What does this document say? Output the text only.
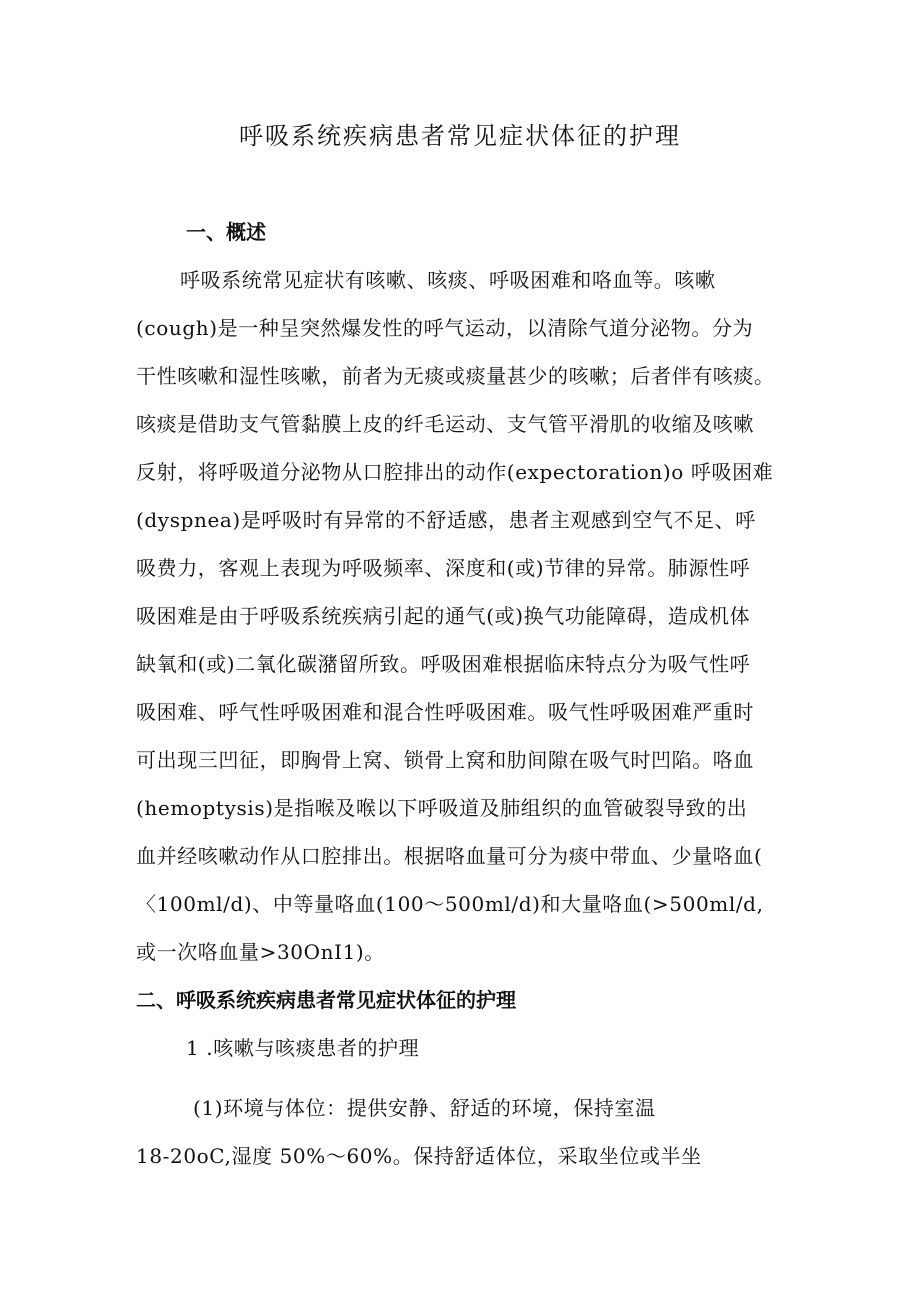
呼吸系统疾病患者常见症状体征的护理
一、概述
呼吸系统常见症状有咳嗽、咳痰、呼吸困难和咯血等。咳嗽
(cough)是一种呈突然爆发性的呼气运动，以清除气道分泌物。分为
干性咳嗽和湿性咳嗽，前者为无痰或痰量甚少的咳嗽；后者伴有咳痰。
咳痰是借助支气管黏膜上皮的纤毛运动、支气管平滑肌的收缩及咳嗽
反射，将呼吸道分泌物从口腔排出的动作(expectoration)o 呼吸困难
(dyspnea)是呼吸时有异常的不舒适感，患者主观感到空气不足、呼
吸费力，客观上表现为呼吸频率、深度和(或)节律的异常。肺源性呼
吸困难是由于呼吸系统疾病引起的通气(或)换气功能障碍，造成机体
缺氧和(或)二氧化碳潴留所致。呼吸困难根据临床特点分为吸气性呼
吸困难、呼气性呼吸困难和混合性呼吸困难。吸气性呼吸困难严重时
可出现三凹征，即胸骨上窝、锁骨上窝和肋间隙在吸气时凹陷。咯血
(hemoptysis)是指喉及喉以下呼吸道及肺组织的血管破裂导致的出
血并经咳嗽动作从口腔排出。根据咯血量可分为痰中带血、少量咯血(
〈100ml/d)、中等量咯血(100～500ml∕d)和大量咯血(>500ml∕d,
或一次咯血量>30OnI1)。
二、呼吸系统疾病患者常见症状体征的护理
1 .咳嗽与咳痰患者的护理
(1)环境与体位：提供安静、舒适的环境，保持室温
18-20oC,湿度 50%～60%。保持舒适体位，采取坐位或半坐
